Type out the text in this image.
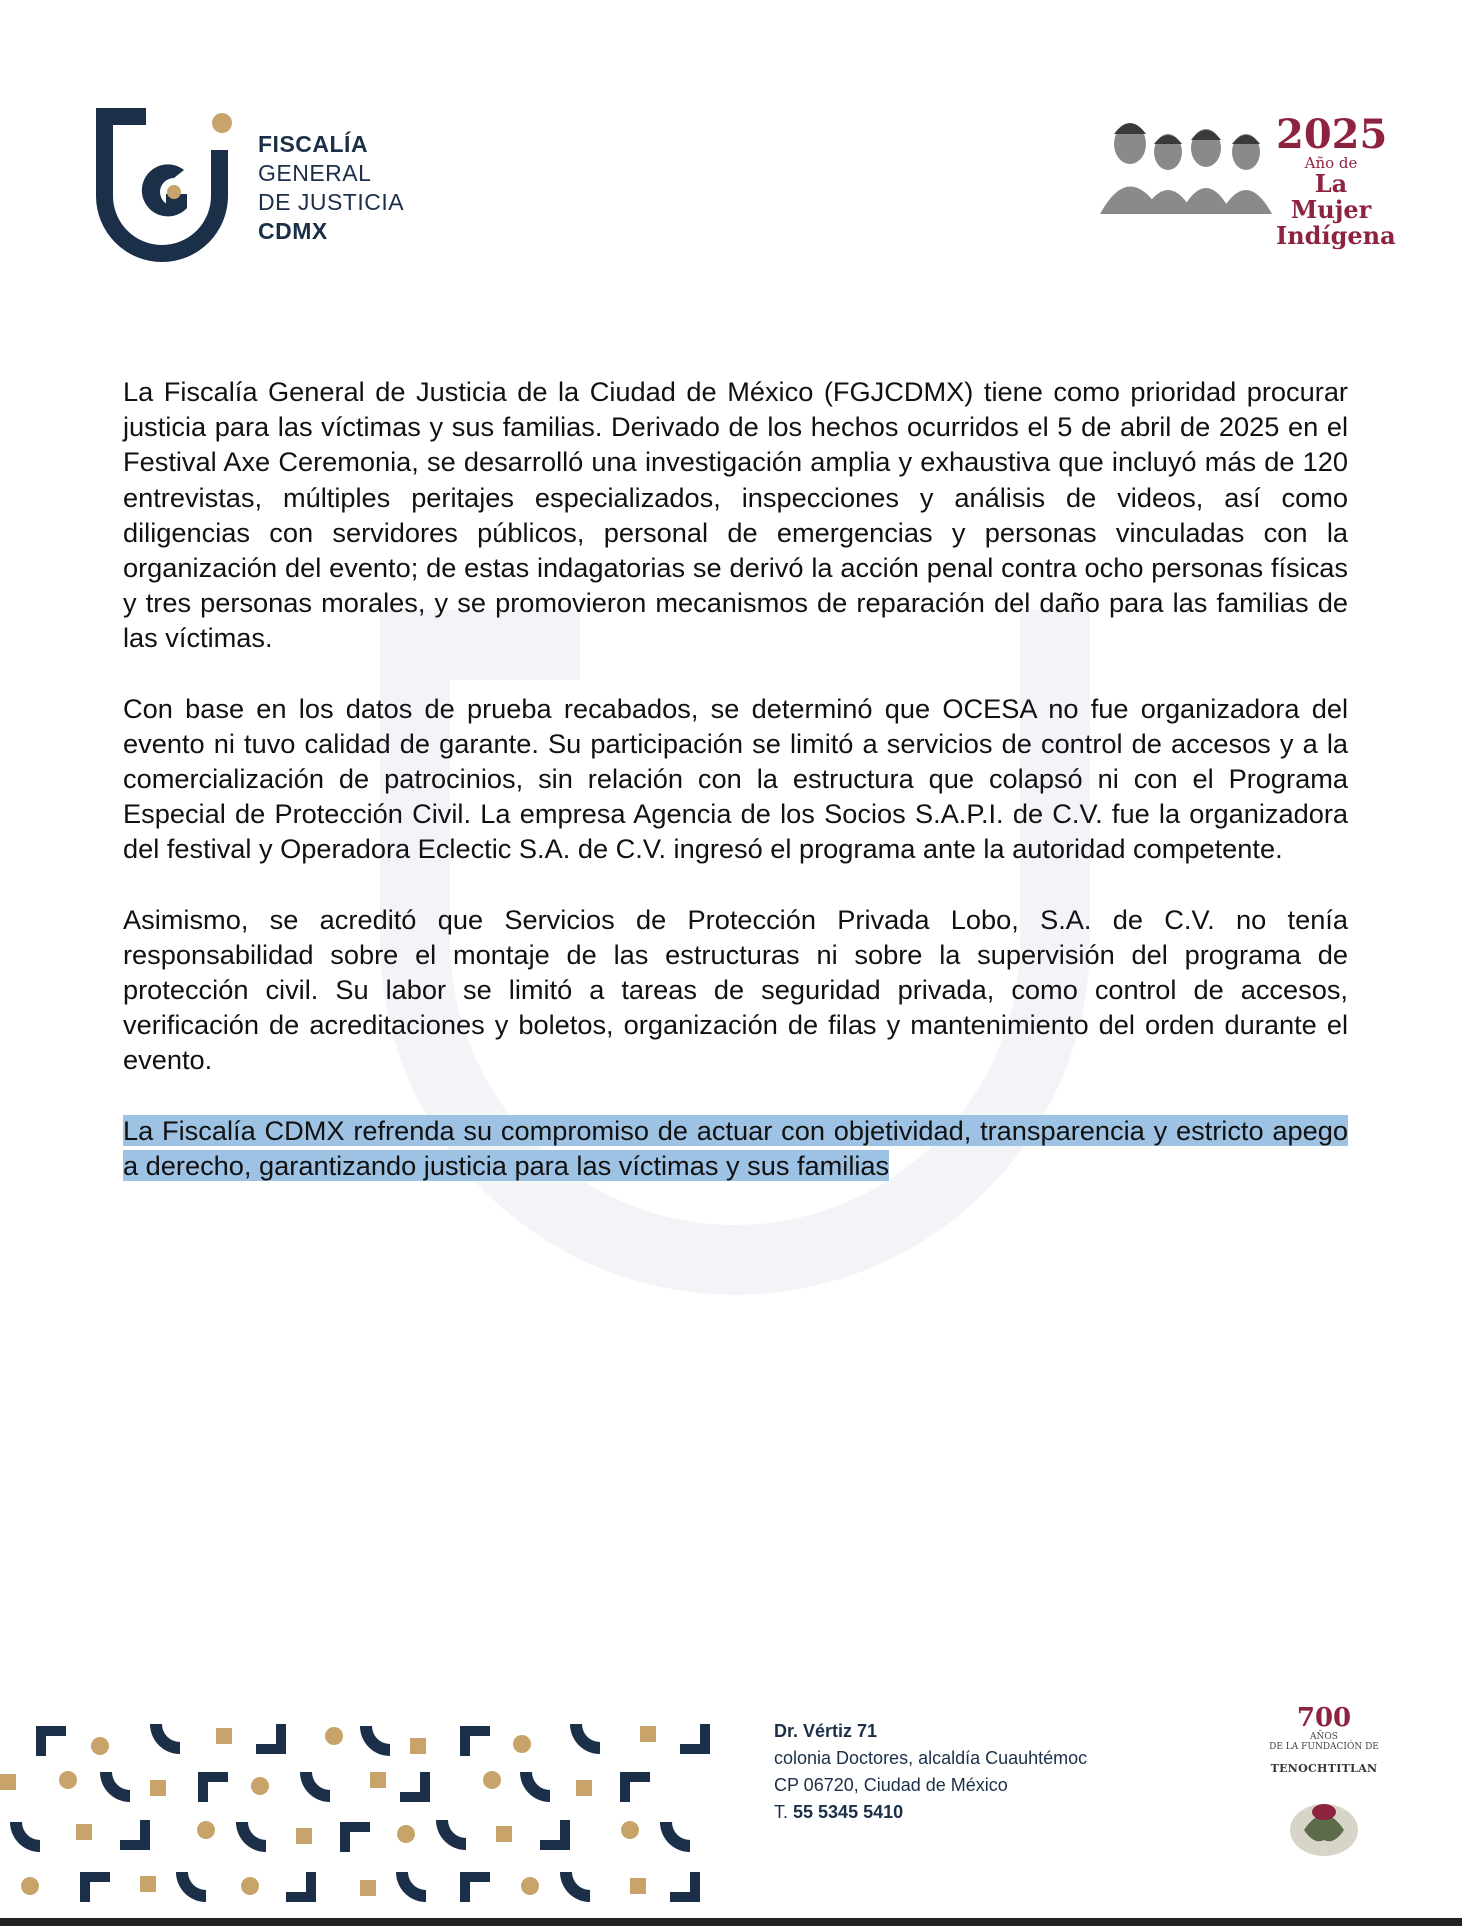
FISCALÍA
GENERAL
DE JUSTICIA
CDMX
2025
Año de
La Mujer
Indígena

La Fiscalía General de Justicia de la Ciudad de México (FGJCDMX) tiene como prioridad procurar justicia para las víctimas y sus familias. Derivado de los hechos ocurridos el 5 de abril de 2025 en el Festival Axe Ceremonia, se desarrolló una investigación amplia y exhaustiva que incluyó más de 120 entrevistas, múltiples peritajes especializados, inspecciones y análisis de videos, así como diligencias con servidores públicos, personal de emergencias y personas vinculadas con la organización del evento; de estas indagatorias se derivó la acción penal contra ocho personas físicas y tres personas morales, y se promovieron mecanismos de reparación del daño para las familias de las víctimas.

Con base en los datos de prueba recabados, se determinó que OCESA no fue organizadora del evento ni tuvo calidad de garante. Su participación se limitó a servicios de control de accesos y a la comercialización de patrocinios, sin relación con la estructura que colapsó ni con el Programa Especial de Protección Civil. La empresa Agencia de los Socios S.A.P.I. de C.V. fue la organizadora del festival y Operadora Eclectic S.A. de C.V. ingresó el programa ante la autoridad competente.

Asimismo, se acreditó que Servicios de Protección Privada Lobo, S.A. de C.V. no tenía responsabilidad sobre el montaje de las estructuras ni sobre la supervisión del programa de protección civil. Su labor se limitó a tareas de seguridad privada, como control de accesos, verificación de acreditaciones y boletos, organización de filas y mantenimiento del orden durante el evento.

La Fiscalía CDMX refrenda su compromiso de actuar con objetividad, transparencia y estricto apego a derecho, garantizando justicia para las víctimas y sus familias

Dr. Vértiz 71
colonia Doctores, alcaldía Cuauhtémoc
CP 06720, Ciudad de México
T. 55 5345 5410
700
AÑOS
DE LA FUNDACIÓN DE
TENOCHTITLAN
